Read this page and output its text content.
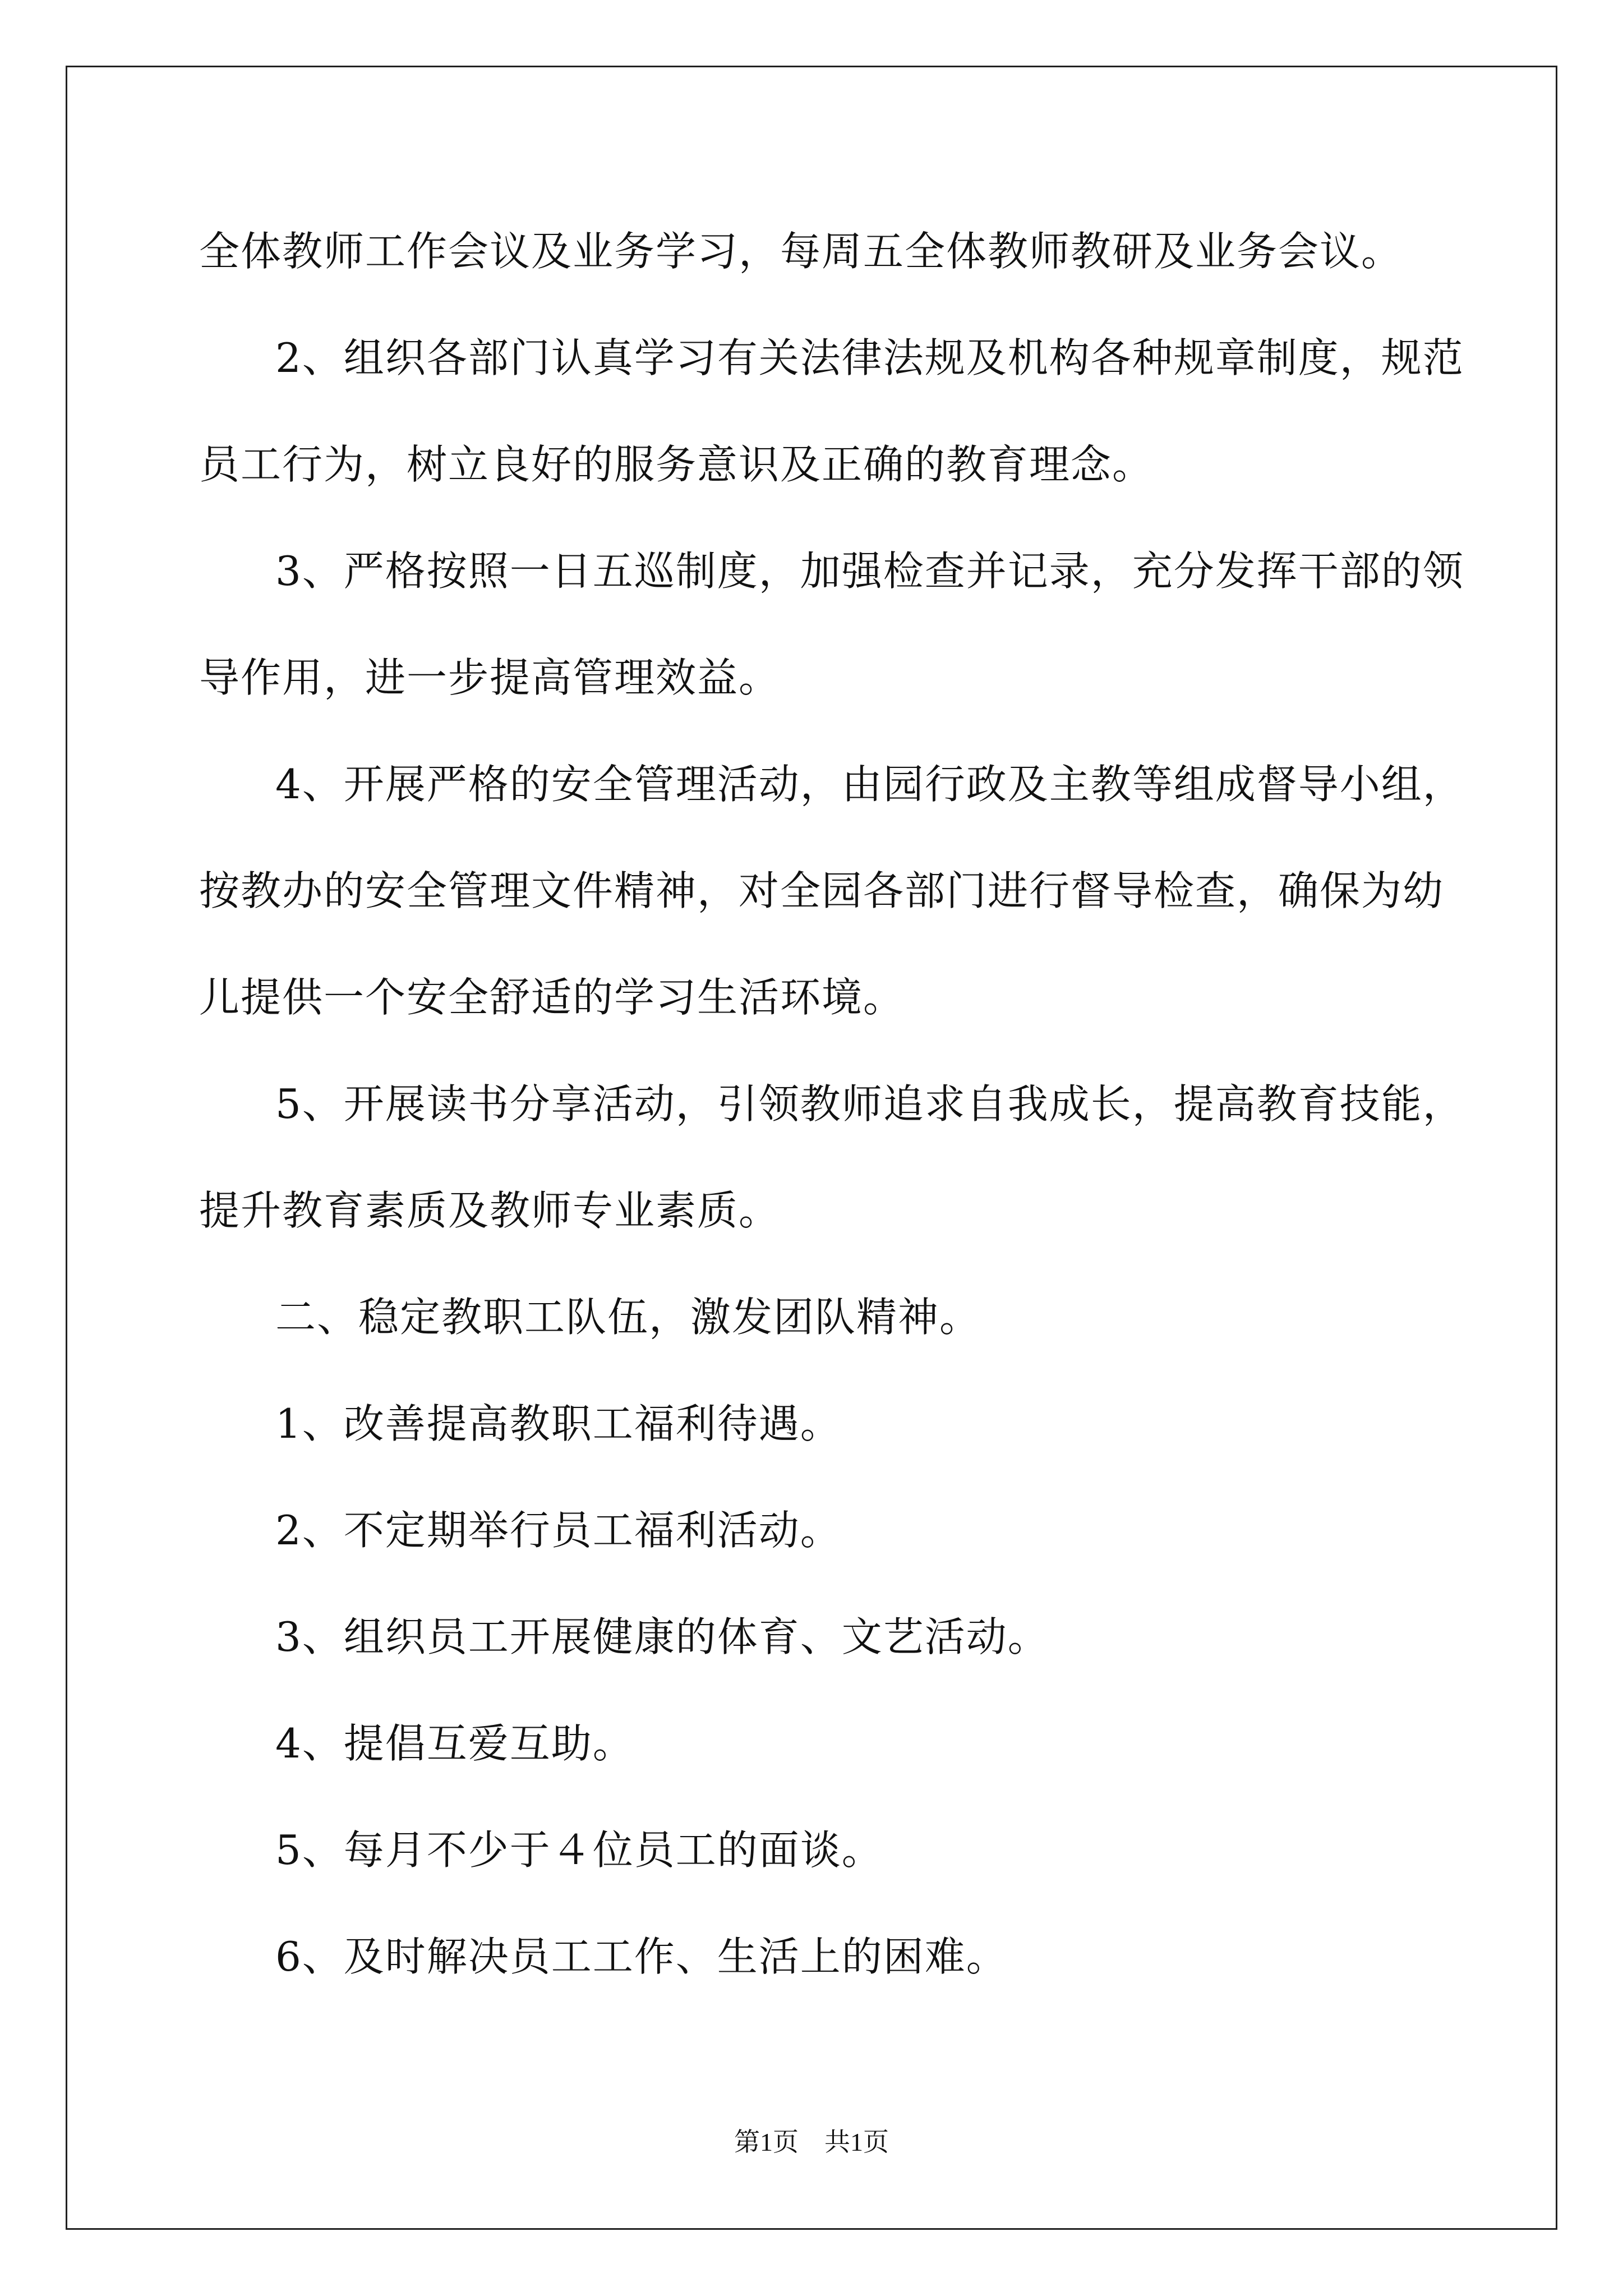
全体教师工作会议及业务学习，每周五全体教师教研及业务会议。
2、组织各部门认真学习有关法律法规及机构各种规章制度，规范
员工行为，树立良好的服务意识及正确的教育理念。
3、严格按照一日五巡制度，加强检查并记录，充分发挥干部的领
导作用，进一步提高管理效益。
4、开展严格的安全管理活动，由园行政及主教等组成督导小组，
按教办的安全管理文件精神，对全园各部门进行督导检查，确保为幼
儿提供一个安全舒适的学习生活环境。
5、开展读书分享活动，引领教师追求自我成长，提高教育技能，
提升教育素质及教师专业素质。
二、稳定教职工队伍，激发团队精神。
1、改善提高教职工福利待遇。
2、不定期举行员工福利活动。
3、组织员工开展健康的体育、文艺活动。
4、提倡互爱互助。
5、每月不少于４位员工的面谈。
6、及时解决员工工作、生活上的困难。
第1页　共1页
